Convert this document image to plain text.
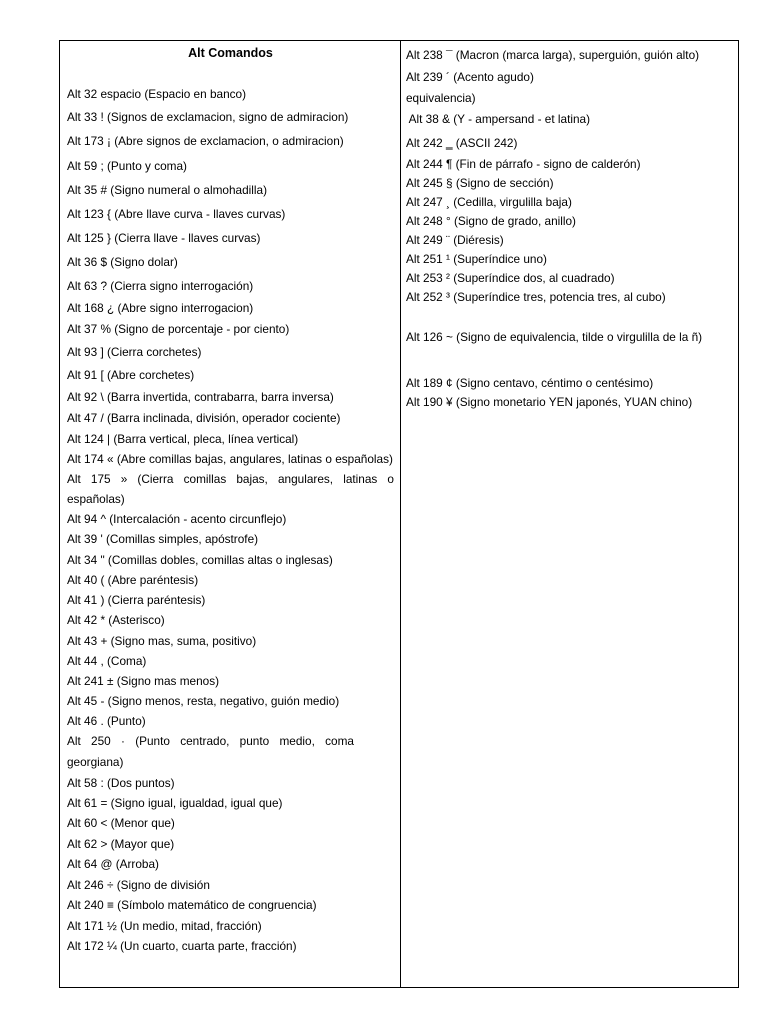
Alt Comandos
Alt 32 espacio (Espacio en banco)
Alt 33 ! (Signos de exclamacion, signo de admiracion)
Alt 173 ¡ (Abre signos de exclamacion, o admiracion)
Alt 59 ; (Punto y coma)
Alt 35 # (Signo numeral o almohadilla)
Alt 123 { (Abre llave curva - llaves curvas)
Alt 125 } (Cierra llave - llaves curvas)
Alt 36 $ (Signo dolar)
Alt 63 ? (Cierra signo interrogación)
Alt 168 ¿ (Abre signo interrogacion)
Alt 37 % (Signo de porcentaje - por ciento)
Alt 93 ] (Cierra corchetes)
Alt 91 [ (Abre corchetes)
Alt 92 \ (Barra invertida, contrabarra, barra inversa)
Alt 47 / (Barra inclinada, división, operador cociente)
Alt 124 | (Barra vertical, pleca, línea vertical)
Alt 174 « (Abre comillas bajas, angulares, latinas o españolas)
Alt 175 » (Cierra comillas bajas, angulares, latinas o españolas)
Alt 94 ^ (Intercalación - acento circunflejo)
Alt 39 ' (Comillas simples, apóstrofe)
Alt 34 " (Comillas dobles, comillas altas o inglesas)
Alt 40 ( (Abre paréntesis)
Alt 41 ) (Cierra paréntesis)
Alt 42 * (Asterisco)
Alt 43 + (Signo mas, suma, positivo)
Alt 44 , (Coma)
Alt 241 ± (Signo mas menos)
Alt 45 - (Signo menos, resta, negativo, guión medio)
Alt 46 . (Punto)
Alt 250 · (Punto centrado, punto medio, coma georgiana)
Alt 58 : (Dos puntos)
Alt 61 = (Signo igual, igualdad, igual que)
Alt 60 < (Menor que)
Alt 62 > (Mayor que)
Alt 64 @ (Arroba)
Alt 246 ÷ (Signo de división
Alt 240 ≡ (Símbolo matemático de congruencia)
Alt 171 ½ (Un medio, mitad, fracción)
Alt 172 ¼ (Un cuarto, cuarta parte, fracción)
Alt 238 ¯ (Macron (marca larga), superguión, guión alto)
Alt 239 ´ (Acento agudo)
equivalencia)
Alt 38 & (Y - ampersand - et latina)
Alt 242 ‗ (ASCII 242)
Alt 244 ¶ (Fin de párrafo - signo de calderón)
Alt 245 § (Signo de sección)
Alt 247 ¸ (Cedilla, virgulilla baja)
Alt 248 ° (Signo de grado, anillo)
Alt 249 ¨ (Diéresis)
Alt 251 ¹ (Superíndice uno)
Alt 253 ² (Superíndice dos, al cuadrado)
Alt 252 ³ (Superíndice tres, potencia tres, al cubo)
Alt 126 ~ (Signo de equivalencia, tilde o virgulilla de la ñ)
Alt 189 ¢ (Signo centavo, céntimo o centésimo)
Alt 190 ¥ (Signo monetario YEN japonés, YUAN chino)
